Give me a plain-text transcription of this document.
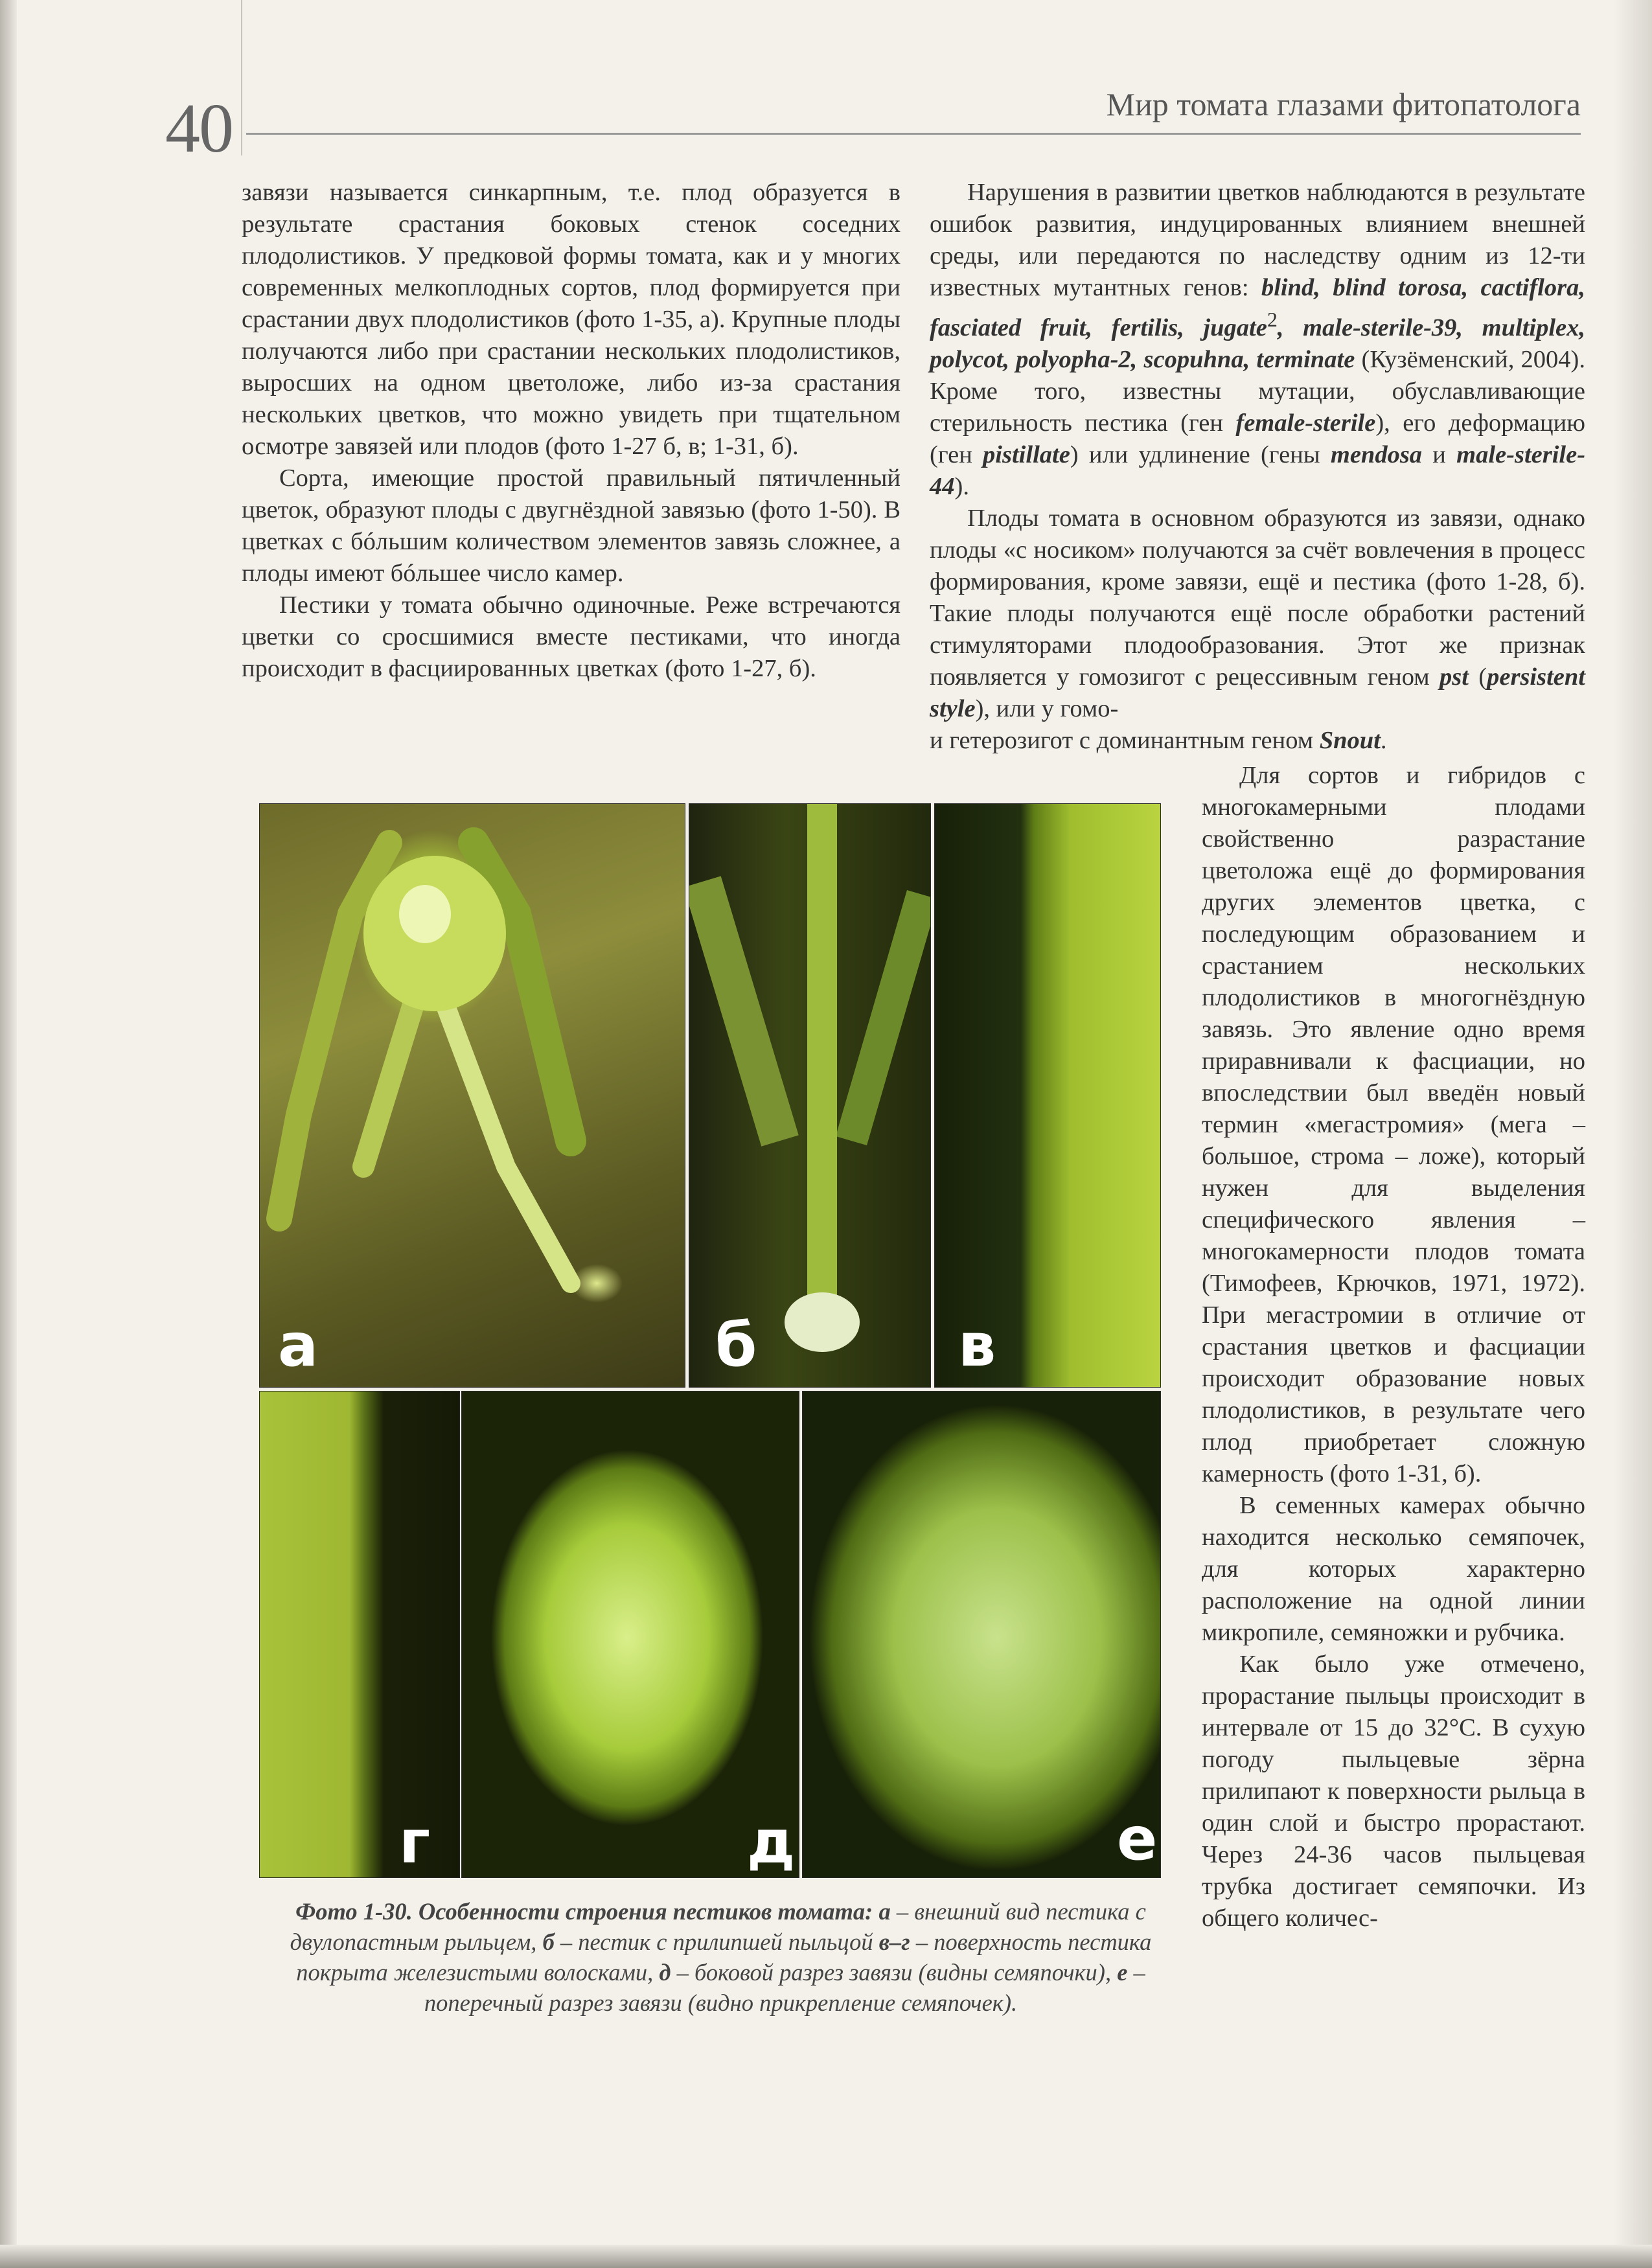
40	Мир томата глазами фитопатолога

завязи называется синкарпным, т.е. плод образуется в результате срастания боковых стенок соседних плодолистиков. У предковой формы томата, как и у многих современных мелкоплодных сортов, плод формируется при срастании двух плодолистиков (фото 1-35, а). Крупные плоды получаются либо при срастании нескольких плодолистиков, выросших на одном цветоложе, либо из-за срастания нескольких цветков, что можно увидеть при тщательном осмотре завязей или плодов (фото 1-27 б, в; 1-31, б).

Сорта, имеющие простой правильный пятичленный цветок, образуют плоды с двугнёздной завязью (фото 1-50). В цветках с бóльшим количеством элементов завязь сложнее, а плоды имеют бóльшее число камер.

Пестики у томата обычно одиночные. Реже встречаются цветки со сросшимися вместе пестиками, что иногда происходит в фасциированных цветках (фото 1-27, б).

Нарушения в развитии цветков наблюдаются в результате ошибок развития, индуцированных влиянием внешней среды, или передаются по наследству одним из 12-ти известных мутантных генов: blind, blind torosa, cactiflora, fasciated fruit, fertilis, jugate$^2$, male-sterile-39, multiplex, polycot, polyopha-2, scopuhna, terminate (Кузёменский, 2004). Кроме того, известны мутации, обуславливающие стерильность пестика (ген female-sterile), его деформацию (ген pistillate) или удлинение (гены mendosa и male-sterile-44).

Плоды томата в основном образуются из завязи, однако плоды «с носиком» получаются за счёт вовлечения в процесс формирования, кроме завязи, ещё и пестика (фото 1-28, б). Такие плоды получаются ещё после обработки растений стимуляторами плодообразования. Этот же признак появляется у гомозигот с рецессивным геном pst (persistent style), или у гомо-

и гетерозигот с доминантным геном Snout.

Для сортов и гибридов с многокамерными плодами свойственно разрастание цветоложа ещё до формирования других элементов цветка, с последующим образованием и срастанием нескольких плодолистиков в многогнёздную завязь. Это явление одно время приравнивали к фасциации, но впоследствии был введён новый термин «мегастромия» (мега – большое, строма – ложе), который нужен для выделения специфического явления – многокамерности плодов томата (Тимофеев, Крючков, 1971, 1972). При мегастромии в отличие от срастания цветков и фасциации происходит образование новых плодолистиков, в результате чего плод приобретает сложную камерность (фото 1-31, б).

В семенных камерах обычно находится несколько семяпочек, для которых характерно расположение на одной линии микропиле, семяножки и рубчика.

Как было уже отмечено, прорастание пыльцы происходит в интервале от 15 до 32°С. В сухую погоду пыльцевые зёрна прилипают к поверхности рыльца в один слой и быстро прорастают. Через 24-36 часов пыльцевая трубка достигает семяпочки. Из общего количес-

а	б	в
г	д	е
Фото 1-30. Особенности строения пестиков томата: а – внешний вид пестика с двулопастным рыльцем, б – пестик с прилипшей пыльцой в–г – поверхность пестика покрыта железистыми волосками, д – боковой разрез завязи (видны семяпочки), е – поперечный разрез завязи (видно прикрепление семяпочек).
